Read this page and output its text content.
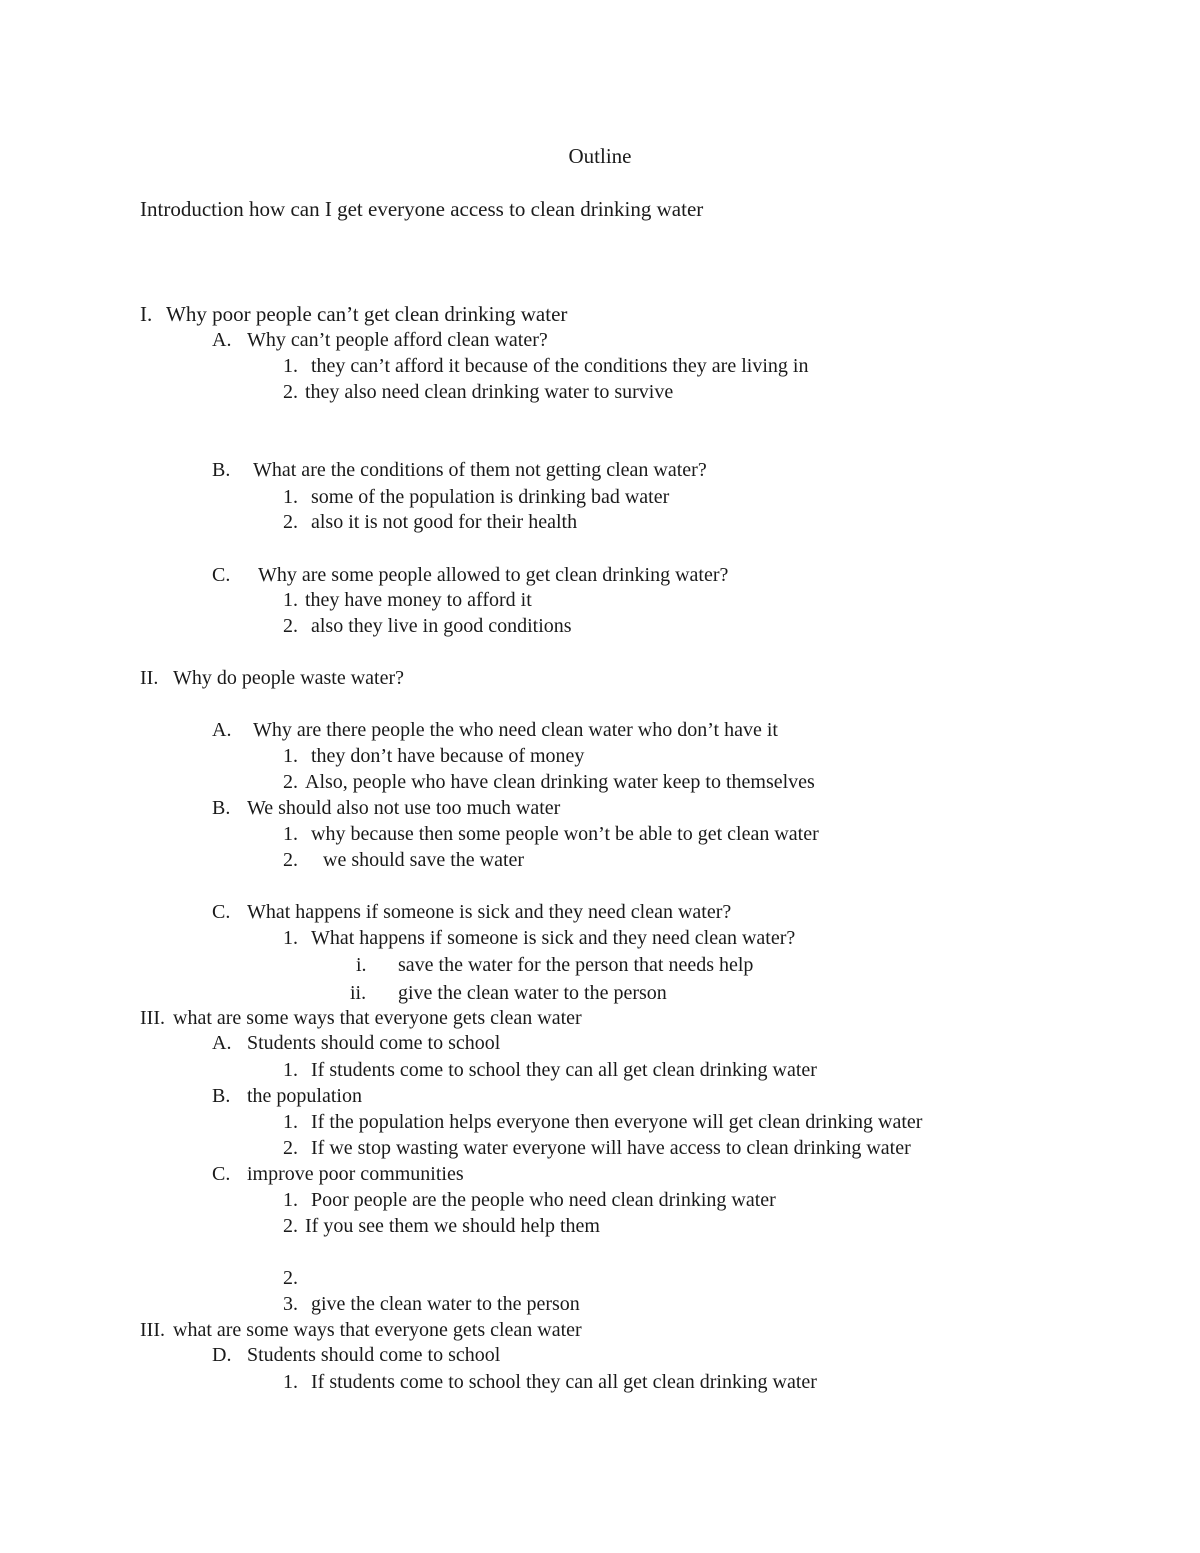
Outline
Introduction how can I get everyone access to clean drinking water
I. Why poor people can’t get clean drinking water
A. Why can’t people afford clean water?
1. they can’t afford it because of the conditions they are living in
2. they also need clean drinking water to survive
B. What are the conditions of them not getting clean water?
1. some of the population is drinking bad water
2. also it is not good for their health
C. Why are some people allowed to get clean drinking water?
1. they have money to afford it
2. also they live in good conditions
II. Why do people waste water?
A. Why are there people the who need clean water who don’t have it
1. they don’t have because of money
2. Also, people who have clean drinking water keep to themselves
B. We should also not use too much water
1. why because then some people won’t be able to get clean water
2. we should save the water
C. What happens if someone is sick and they need clean water?
1. What happens if someone is sick and they need clean water?
i. save the water for the person that needs help
ii. give the clean water to the person
III. what are some ways that everyone gets clean water
A. Students should come to school
1. If students come to school they can all get clean drinking water
B. the population
1. If the population helps everyone then everyone will get clean drinking water
2. If we stop wasting water everyone will have access to clean drinking water
C. improve poor communities
1. Poor people are the people who need clean drinking water
2. If you see them we should help them
2.
3. give the clean water to the person
III. what are some ways that everyone gets clean water
D. Students should come to school
1. If students come to school they can all get clean drinking water
